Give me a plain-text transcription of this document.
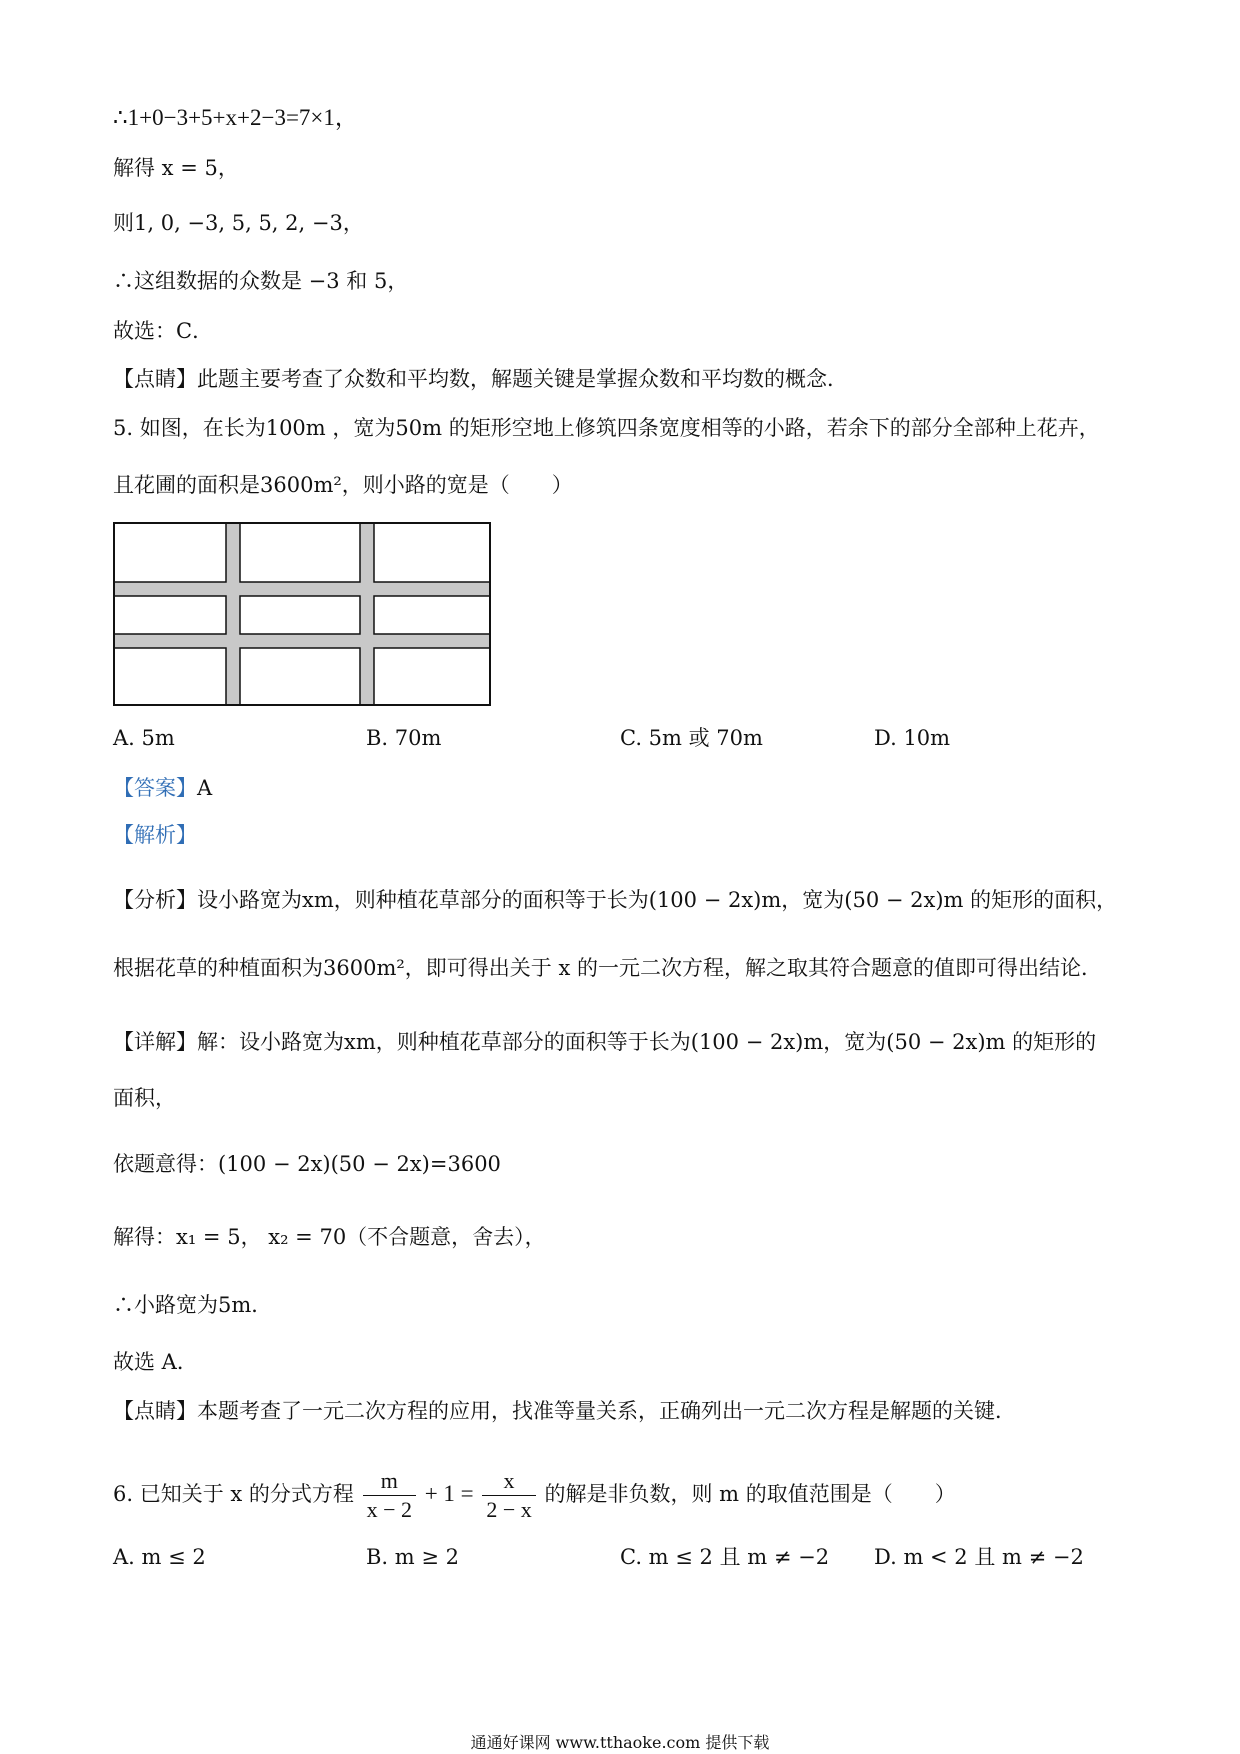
∴1+0−3+5+x+2−3=7×1，
解得 x = 5，
则1, 0, −3, 5, 5, 2, −3，
∴这组数据的众数是 −3 和 5，
故选：C．
【点睛】此题主要考查了众数和平均数，解题关键是掌握众数和平均数的概念．
5. 如图，在长为100m ，宽为50m 的矩形空地上修筑四条宽度相等的小路，若余下的部分全部种上花卉，
且花圃的面积是3600m²，则小路的宽是（　　）
A. 5m	B. 70m	C. 5m 或 70m	D. 10m
【答案】A
【解析】
【分析】设小路宽为xm，则种植花草部分的面积等于长为(100 − 2x)m，宽为(50 − 2x)m 的矩形的面积，
根据花草的种植面积为3600m²，即可得出关于 x 的一元二次方程，解之取其符合题意的值即可得出结论．
【详解】解：设小路宽为xm，则种植花草部分的面积等于长为(100 − 2x)m，宽为(50 − 2x)m 的矩形的
面积，
依题意得：(100 − 2x)(50 − 2x)=3600
解得：x₁ = 5， x₂ = 70（不合题意，舍去），
∴小路宽为5m．
故选 A．
【点睛】本题考查了一元二次方程的应用，找准等量关系，正确列出一元二次方程是解题的关键．
6. 已知关于 x 的分式方程 $\frac{m}{x - 2} + 1 = \frac{x}{2 - x}$ 的解是非负数，则 m 的取值范围是（　　）
A. m ≤ 2	B. m ≥ 2	C. m ≤ 2 且 m ≠ −2 D. m < 2 且 m ≠ −2
通通好课网 www.tthaoke.com 提供下载
